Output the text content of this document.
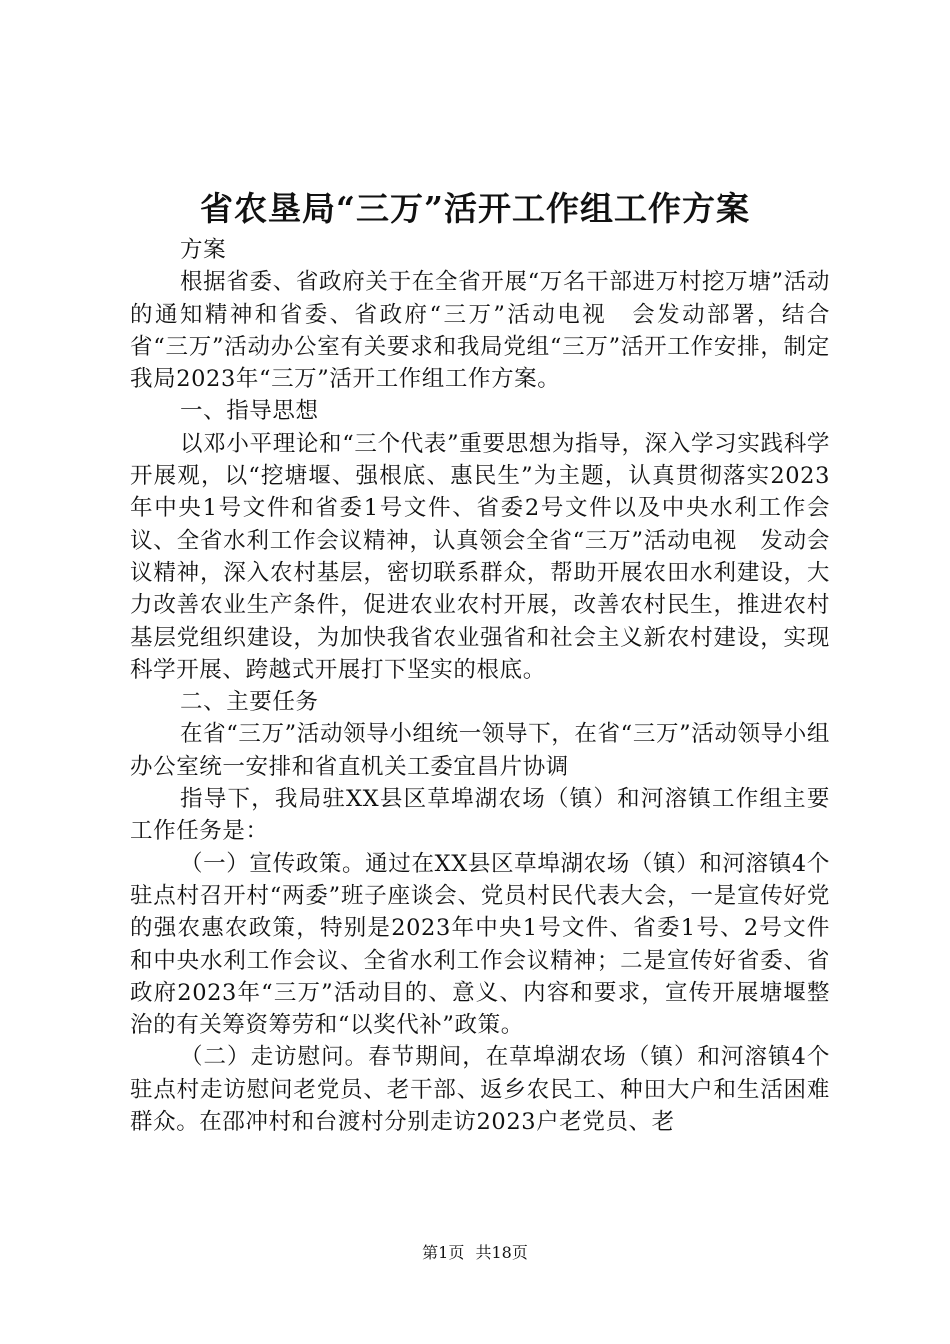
省农垦局“三万”活开工作组工作方案

方案

根据省委、省政府关于在全省开展“万名干部进万村挖万塘”活动的通知精神和省委、省政府“三万”活动电视　会发动部署，结合省“三万”活动办公室有关要求和我局党组“三万”活开工作安排，制定我局2023年“三万”活开工作组工作方案。

一、指导思想

以邓小平理论和“三个代表”重要思想为指导，深入学习实践科学开展观，以“挖塘堰、强根底、惠民生”为主题，认真贯彻落实2023年中央1号文件和省委1号文件、省委2号文件以及中央水利工作会议、全省水利工作会议精神，认真领会全省“三万”活动电视　发动会议精神，深入农村基层，密切联系群众，帮助开展农田水利建设，大力改善农业生产条件，促进农业农村开展，改善农村民生，推进农村基层党组织建设，为加快我省农业强省和社会主义新农村建设，实现科学开展、跨越式开展打下坚实的根底。

二、主要任务

在省“三万”活动领导小组统一领导下，在省“三万”活动领导小组办公室统一安排和省直机关工委宜昌片协调

指导下，我局驻XX县区草埠湖农场（镇）和河溶镇工作组主要工作任务是：

（一）宣传政策。通过在XX县区草埠湖农场（镇）和河溶镇4个驻点村召开村“两委”班子座谈会、党员村民代表大会，一是宣传好党的强农惠农政策，特别是2023年中央1号文件、省委1号、2号文件和中央水利工作会议、全省水利工作会议精神；二是宣传好省委、省政府2023年“三万”活动目的、意义、内容和要求，宣传开展塘堰整治的有关筹资筹劳和“以奖代补”政策。

（二）走访慰问。春节期间，在草埠湖农场（镇）和河溶镇4个驻点村走访慰问老党员、老干部、返乡农民工、种田大户和生活困难群众。在邵冲村和台渡村分别走访2023户老党员、老

第1页 共18页
